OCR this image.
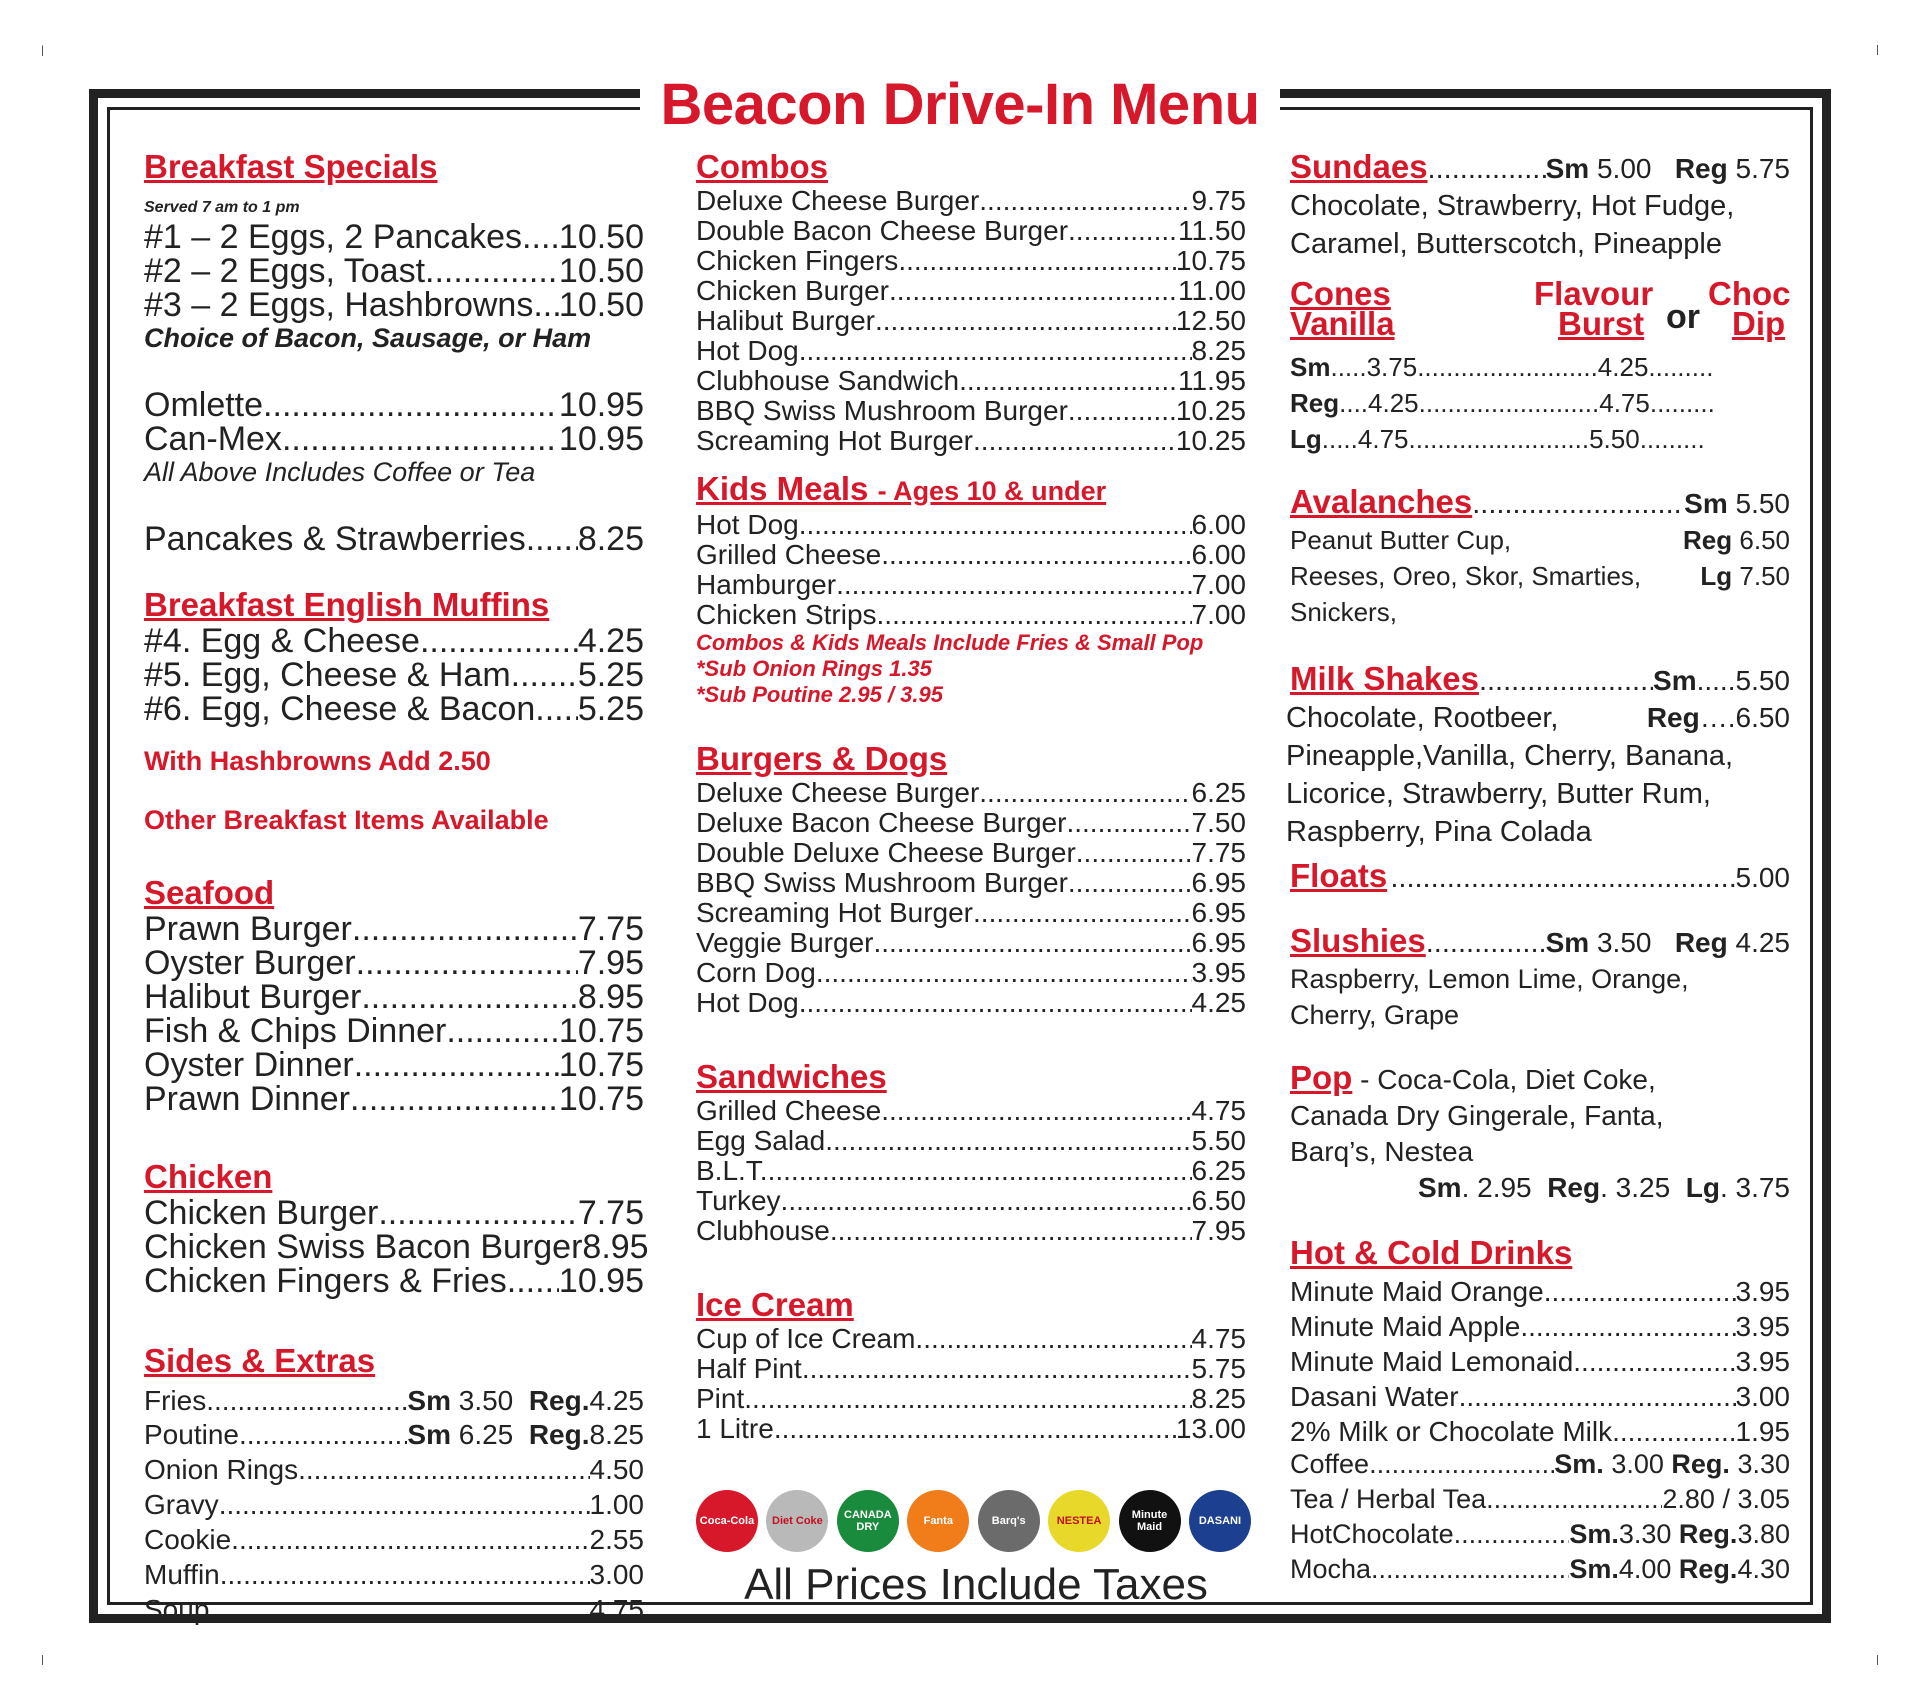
Beacon Drive-In Menu
Breakfast Specials
Served 7 am to 1 pm
#1 – 2 Eggs, 2 Pancakes ..... 10.50
#2 – 2 Eggs, Toast .....	10.50
#3 – 2 Eggs, Hashbrowns ..... 10.50
Choice of Bacon, Sausage, or Ham
Omlette .....	10.95
Can-Mex .....	10.95
All Above Includes Coffee or Tea
Pancakes & Strawberries ..... 8.25
Breakfast English Muffins
#4. Egg & Cheese .....	4.25
#5. Egg, Cheese & Ham ..... 5.25
#6. Egg, Cheese & Bacon ..... 5.25
With Hashbrowns Add 2.50
Other Breakfast Items Available
Seafood
Prawn Burger .....	7.75
Oyster Burger .....	7.95
Halibut Burger .....	8.95
Fish & Chips Dinner .....	10.75
Oyster Dinner .....	10.75
Prawn Dinner .....	10.75
Chicken
Chicken Burger .....	7.75
Chicken Swiss Bacon Burger 8.95
Chicken Fingers & Fries ..... 10.95
Sides & Extras
Fries .....	Sm 3.50 Reg.4.25
Poutine .....	Sm 6.25 Reg.8.25
Onion Rings .....	4.50
Gravy .....	1.00
Cookie .....	2.55
Muffin .....	3.00
Soup .....	4.75
Combos
Deluxe Cheese Burger .....	9.75
Double Bacon Cheese Burger .....	11.50
Chicken Fingers .....	10.75
Chicken Burger .....	11.00
Halibut Burger .....	12.50
Hot Dog .....	8.25
Clubhouse Sandwich .....	11.95
BBQ Swiss Mushroom Burger .....	10.25
Screaming Hot Burger .....	10.25
Kids Meals - Ages 10 & under
Hot Dog .....	6.00
Grilled Cheese .....	6.00
Hamburger .....	7.00
Chicken Strips .....	7.00
Combos & Kids Meals Include Fries & Small Pop
*Sub Onion Rings 1.35
*Sub Poutine 2.95 / 3.95
Burgers & Dogs
Deluxe Cheese Burger .....	6.25
Deluxe Bacon Cheese Burger .....	7.50
Double Deluxe Cheese Burger .....	7.75
BBQ Swiss Mushroom Burger .....	6.95
Screaming Hot Burger .....	6.95
Veggie Burger .....	6.95
Corn Dog .....	3.95
Hot Dog .....	4.25
Sandwiches
Grilled Cheese .....	4.75
Egg Salad .....	5.50
B.L.T. .....	6.25
Turkey .....	6.50
Clubhouse .....	7.95
Ice Cream
Cup of Ice Cream .....	4.75
Half Pint .....	5.75
Pint .....	8.25
1 Litre .....	13.00
Coca-Cola	Diet Coke	CANADA DRY	Fanta	Barq's	NESTEA	Minute Maid	DASANI
All Prices Include Taxes
Sundaes .....	Sm 5.00 Reg 5.75
Chocolate, Strawberry, Hot Fudge, Caramel, Butterscotch, Pineapple
Cones
Vanilla
Flavour
Burst or
Choc
Dip
Sm.....3.75.........................4.25.........
Reg....4.25.........................4.75.........
Lg.....4.75.........................5.50.........
Avalanches .....	Sm 5.50
Peanut Butter Cup,	Reg 6.50
Reeses, Oreo, Skor, Smarties, Lg 7.50
Snickers,
Milk Shakes .....	Sm.....5.50
Chocolate, Rootbeer,	Reg….6.50
Pineapple,Vanilla, Cherry, Banana,
Licorice, Strawberry, Butter Rum,
Raspberry, Pina Colada
Floats .....	5.00
Slushies .....	Sm 3.50 Reg 4.25
Raspberry, Lemon Lime, Orange,
Cherry, Grape
Pop - Coca-Cola, Diet Coke,
Canada Dry Gingerale, Fanta,
Barq’s, Nestea
Sm. 2.95 Reg. 3.25 Lg. 3.75
Hot & Cold Drinks
Minute Maid Orange .....	3.95
Minute Maid Apple .....	3.95
Minute Maid Lemonaid .....	3.95
Dasani Water .....	3.00
2% Milk or Chocolate Milk .....	1.95
Coffee .....	Sm. 3.00 Reg. 3.30
Tea / Herbal Tea .....	2.80 / 3.05
HotChocolate .....	Sm.3.30 Reg.3.80
Mocha .....	Sm.4.00 Reg.4.30
